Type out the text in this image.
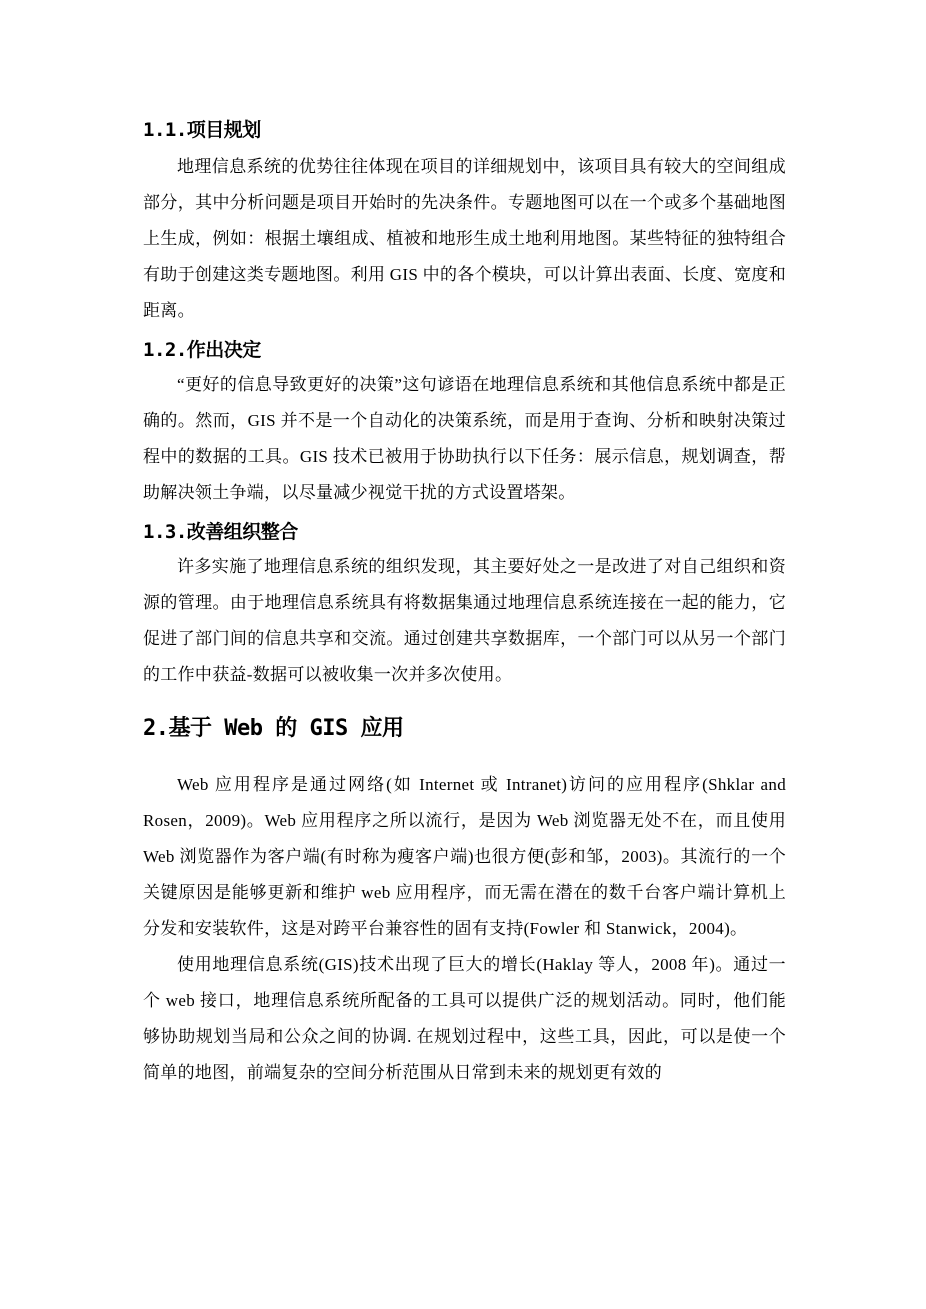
1.1.项目规划

地理信息系统的优势往往体现在项目的详细规划中，该项目具有较大的空间组成部分，其中分析问题是项目开始时的先决条件。专题地图可以在一个或多个基础地图上生成，例如：根据土壤组成、植被和地形生成土地利用地图。某些特征的独特组合有助于创建这类专题地图。利用 GIS 中的各个模块，可以计算出表面、长度、宽度和距离。

1.2.作出决定

“更好的信息导致更好的决策”这句谚语在地理信息系统和其他信息系统中都是正确的。然而，GIS 并不是一个自动化的决策系统，而是用于查询、分析和映射决策过程中的数据的工具。GIS 技术已被用于协助执行以下任务：展示信息，规划调查，帮助解决领土争端，以尽量减少视觉干扰的方式设置塔架。

1.3.改善组织整合

许多实施了地理信息系统的组织发现，其主要好处之一是改进了对自己组织和资源的管理。由于地理信息系统具有将数据集通过地理信息系统连接在一起的能力，它促进了部门间的信息共享和交流。通过创建共享数据库，一个部门可以从另一个部门的工作中获益-数据可以被收集一次并多次使用。

2.基于 Web 的 GIS 应用

Web 应用程序是通过网络(如 Internet 或 Intranet)访问的应用程序(Shklar and Rosen，2009)。Web 应用程序之所以流行，是因为 Web 浏览器无处不在，而且使用 Web 浏览器作为客户端(有时称为瘦客户端)也很方便(彭和邹，2003)。其流行的一个关键原因是能够更新和维护 web 应用程序，而无需在潜在的数千台客户端计算机上分发和安装软件，这是对跨平台兼容性的固有支持(Fowler 和 Stanwick，2004)。

使用地理信息系统(GIS)技术出现了巨大的增长(Haklay 等人，2008 年)。通过一个 web 接口，地理信息系统所配备的工具可以提供广泛的规划活动。同时，他们能够协助规划当局和公众之间的协调. 在规划过程中，这些工具，因此，可以是使一个简单的地图，前端复杂的空间分析范围从日常到未来的规划更有效的
